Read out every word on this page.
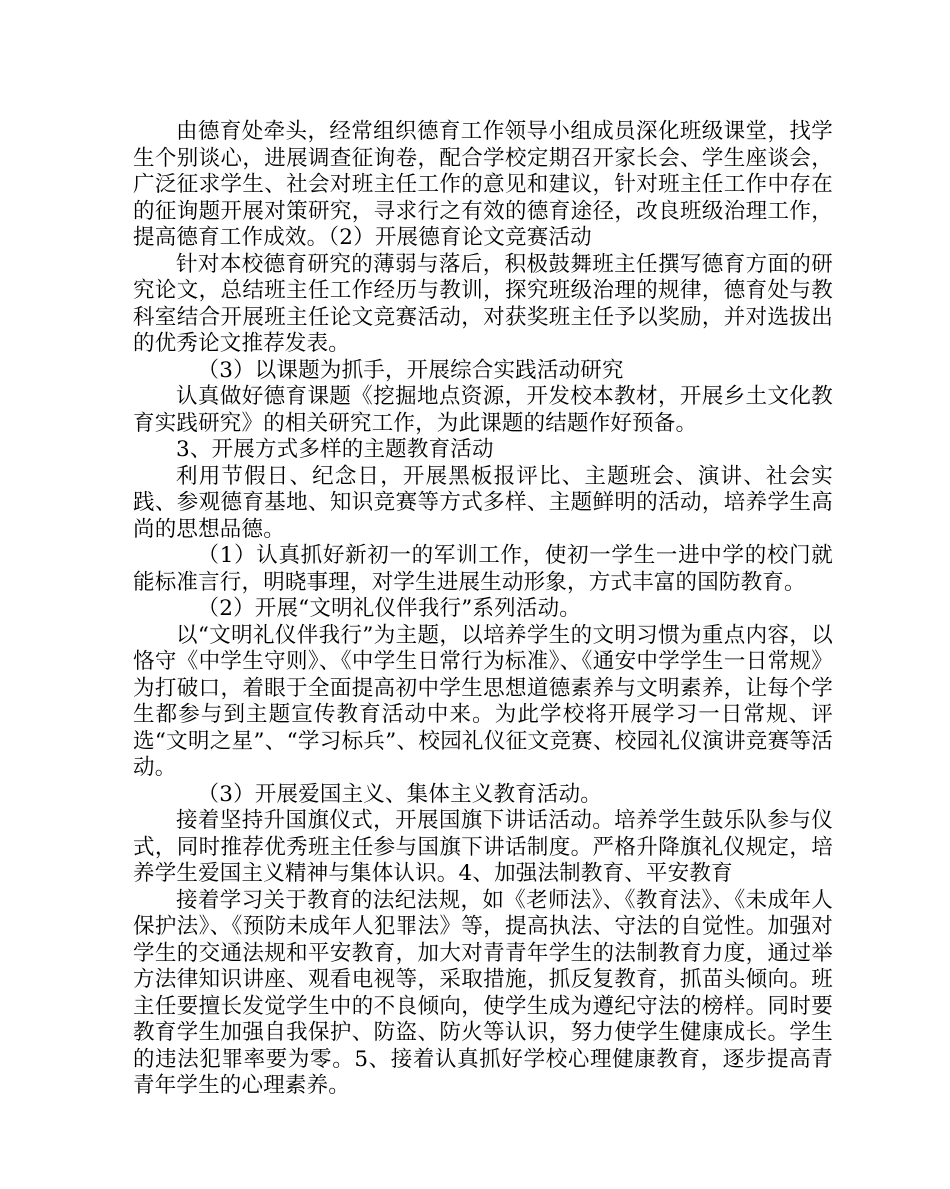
由德育处牵头，经常组织德育工作领导小组成员深化班级课堂，找学生个别谈心，进展调查征询卷，配合学校定期召开家长会、学生座谈会，广泛征求学生、社会对班主任工作的意见和建议，针对班主任工作中存在的征询题开展对策研究，寻求行之有效的德育途径，改良班级治理工作，提高德育工作成效。（2）开展德育论文竞赛活动

针对本校德育研究的薄弱与落后，积极鼓舞班主任撰写德育方面的研究论文，总结班主任工作经历与教训，探究班级治理的规律，德育处与教科室结合开展班主任论文竞赛活动，对获奖班主任予以奖励，并对选拔出的优秀论文推荐发表。

（3）以课题为抓手，开展综合实践活动研究

认真做好德育课题《挖掘地点资源，开发校本教材，开展乡土文化教育实践研究》的相关研究工作，为此课题的结题作好预备。

3、开展方式多样的主题教育活动

利用节假日、纪念日，开展黑板报评比、主题班会、演讲、社会实践、参观德育基地、知识竞赛等方式多样、主题鲜明的活动，培养学生高尚的思想品德。

（1）认真抓好新初一的军训工作，使初一学生一进中学的校门就能标准言行，明晓事理，对学生进展生动形象，方式丰富的国防教育。

（2）开展“文明礼仪伴我行”系列活动。

以“文明礼仪伴我行”为主题，以培养学生的文明习惯为重点内容，以恪守《中学生守则》、《中学生日常行为标准》、《通安中学学生一日常规》为打破口，着眼于全面提高初中学生思想道德素养与文明素养，让每个学生都参与到主题宣传教育活动中来。为此学校将开展学习一日常规、评选“文明之星”、“学习标兵”、校园礼仪征文竞赛、校园礼仪演讲竞赛等活动。

（3）开展爱国主义、集体主义教育活动。

接着坚持升国旗仪式，开展国旗下讲话活动。培养学生鼓乐队参与仪式，同时推荐优秀班主任参与国旗下讲话制度。严格升降旗礼仪规定，培养学生爱国主义精神与集体认识。4、加强法制教育、平安教育

接着学习关于教育的法纪法规，如《老师法》、《教育法》、《未成年人保护法》、《预防未成年人犯罪法》等，提高执法、守法的自觉性。加强对学生的交通法规和平安教育，加大对青青年学生的法制教育力度，通过举方法律知识讲座、观看电视等，采取措施，抓反复教育，抓苗头倾向。班主任要擅长发觉学生中的不良倾向，使学生成为遵纪守法的榜样。同时要教育学生加强自我保护、防盗、防火等认识，努力使学生健康成长。学生的违法犯罪率要为零。5、接着认真抓好学校心理健康教育，逐步提高青青年学生的心理素养。
